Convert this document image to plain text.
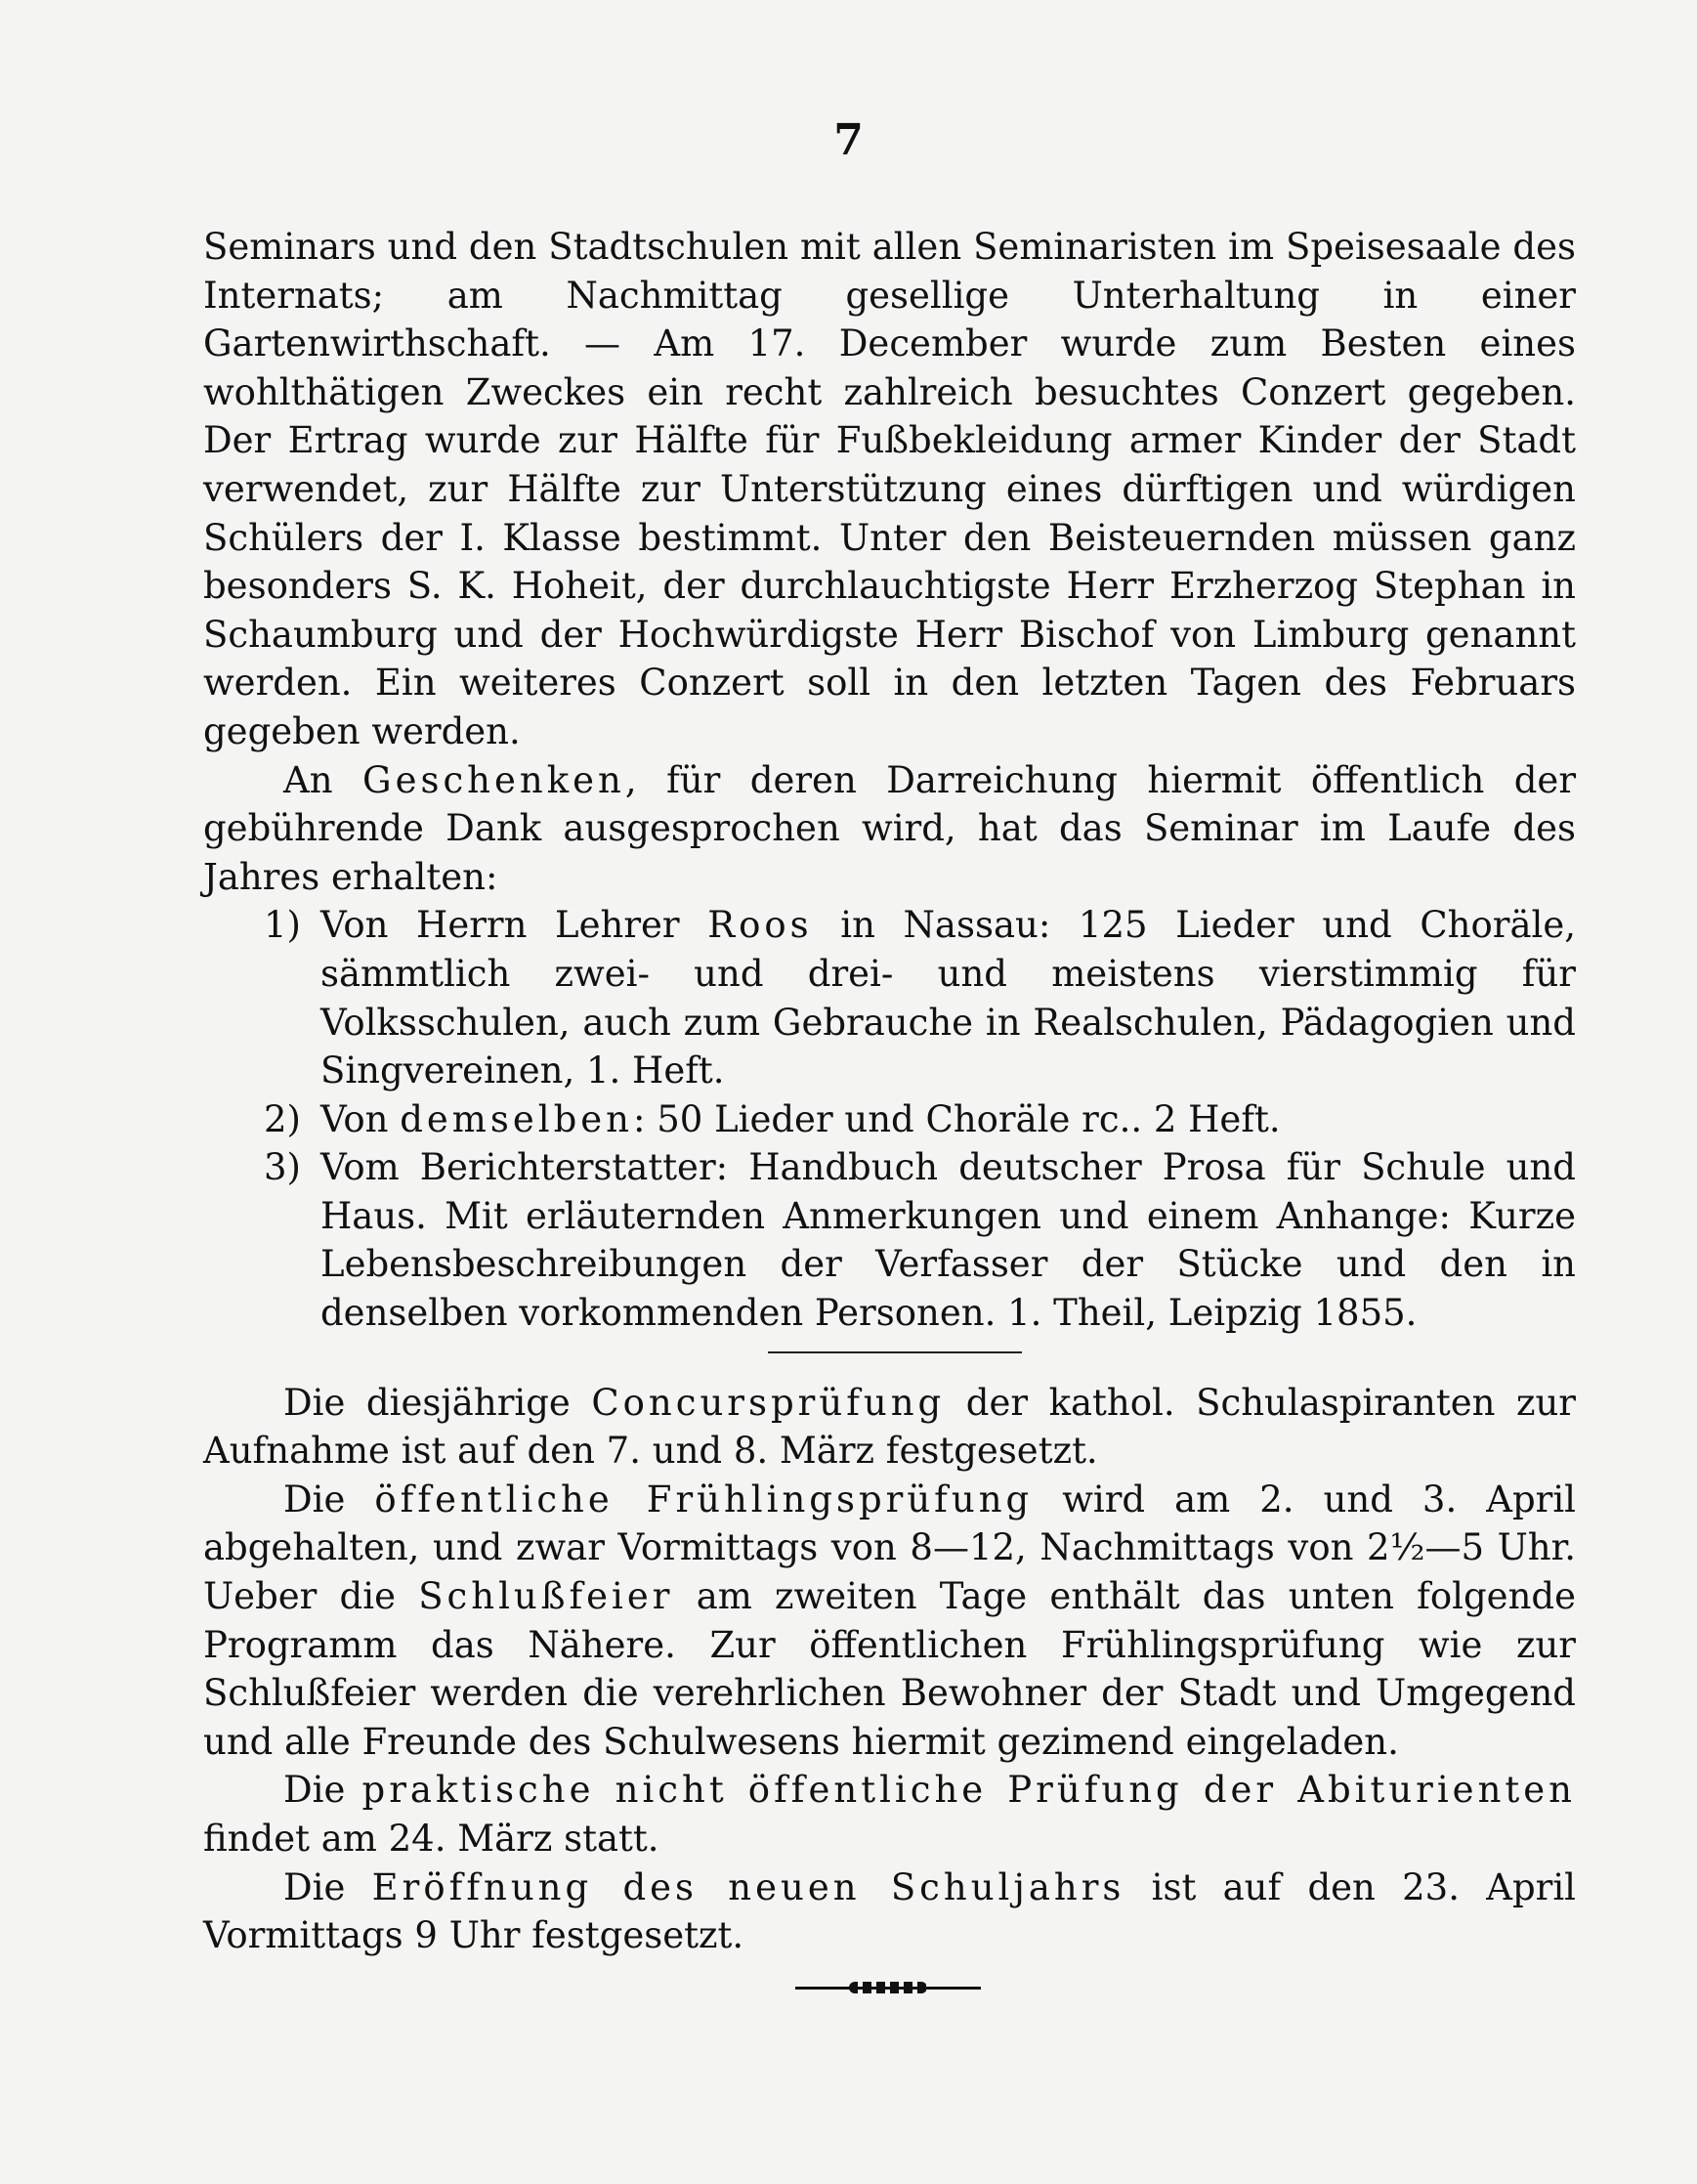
7

Seminars und den Stadtschulen mit allen Seminaristen im Speisesaale des Internats; am Nachmittag gesellige Unterhaltung in einer Gartenwirthschaft. — Am 17. December wurde zum Besten eines wohlthätigen Zweckes ein recht zahlreich besuchtes Conzert gegeben. Der Ertrag wurde zur Hälfte für Fußbekleidung armer Kinder der Stadt verwendet, zur Hälfte zur Unterstützung eines dürftigen und würdigen Schülers der I. Klasse bestimmt. Unter den Beisteuernden müssen ganz besonders S. K. Hoheit, der durchlauchtigste Herr Erzherzog Stephan in Schaumburg und der Hochwürdigste Herr Bischof von Limburg genannt werden. Ein weiteres Conzert soll in den letzten Tagen des Februars gegeben werden.

An Geschenken, für deren Darreichung hiermit öffentlich der gebührende Dank ausgesprochen wird, hat das Seminar im Laufe des Jahres erhalten:

1) Von Herrn Lehrer Roos in Nassau: 125 Lieder und Choräle, sämmtlich zwei- und drei- und meistens vierstimmig für Volksschulen, auch zum Gebrauche in Realschulen, Pädagogien und Singvereinen, 1. Heft.
2) Von demselben: 50 Lieder und Choräle rc.. 2 Heft.
3) Vom Berichterstatter: Handbuch deutscher Prosa für Schule und Haus. Mit erläuternden Anmerkungen und einem Anhange: Kurze Lebensbeschreibungen der Verfasser der Stücke und den in denselben vorkommenden Personen. 1. Theil, Leipzig 1855.

Die diesjährige Concursprüfung der kathol. Schulaspiranten zur Aufnahme ist auf den 7. und 8. März festgesetzt.

Die öffentliche Frühlingsprüfung wird am 2. und 3. April abgehalten, und zwar Vormittags von 8—12, Nachmittags von 2½—5 Uhr. Ueber die Schlußfeier am zweiten Tage enthält das unten folgende Programm das Nähere. Zur öffentlichen Frühlingsprüfung wie zur Schlußfeier werden die verehrlichen Bewohner der Stadt und Umgegend und alle Freunde des Schulwesens hiermit gezimend eingeladen.

Die praktische nicht öffentliche Prüfung der Abiturienten findet am 24. März statt.

Die Eröffnung des neuen Schuljahrs ist auf den 23. April Vormittags 9 Uhr festgesetzt.
